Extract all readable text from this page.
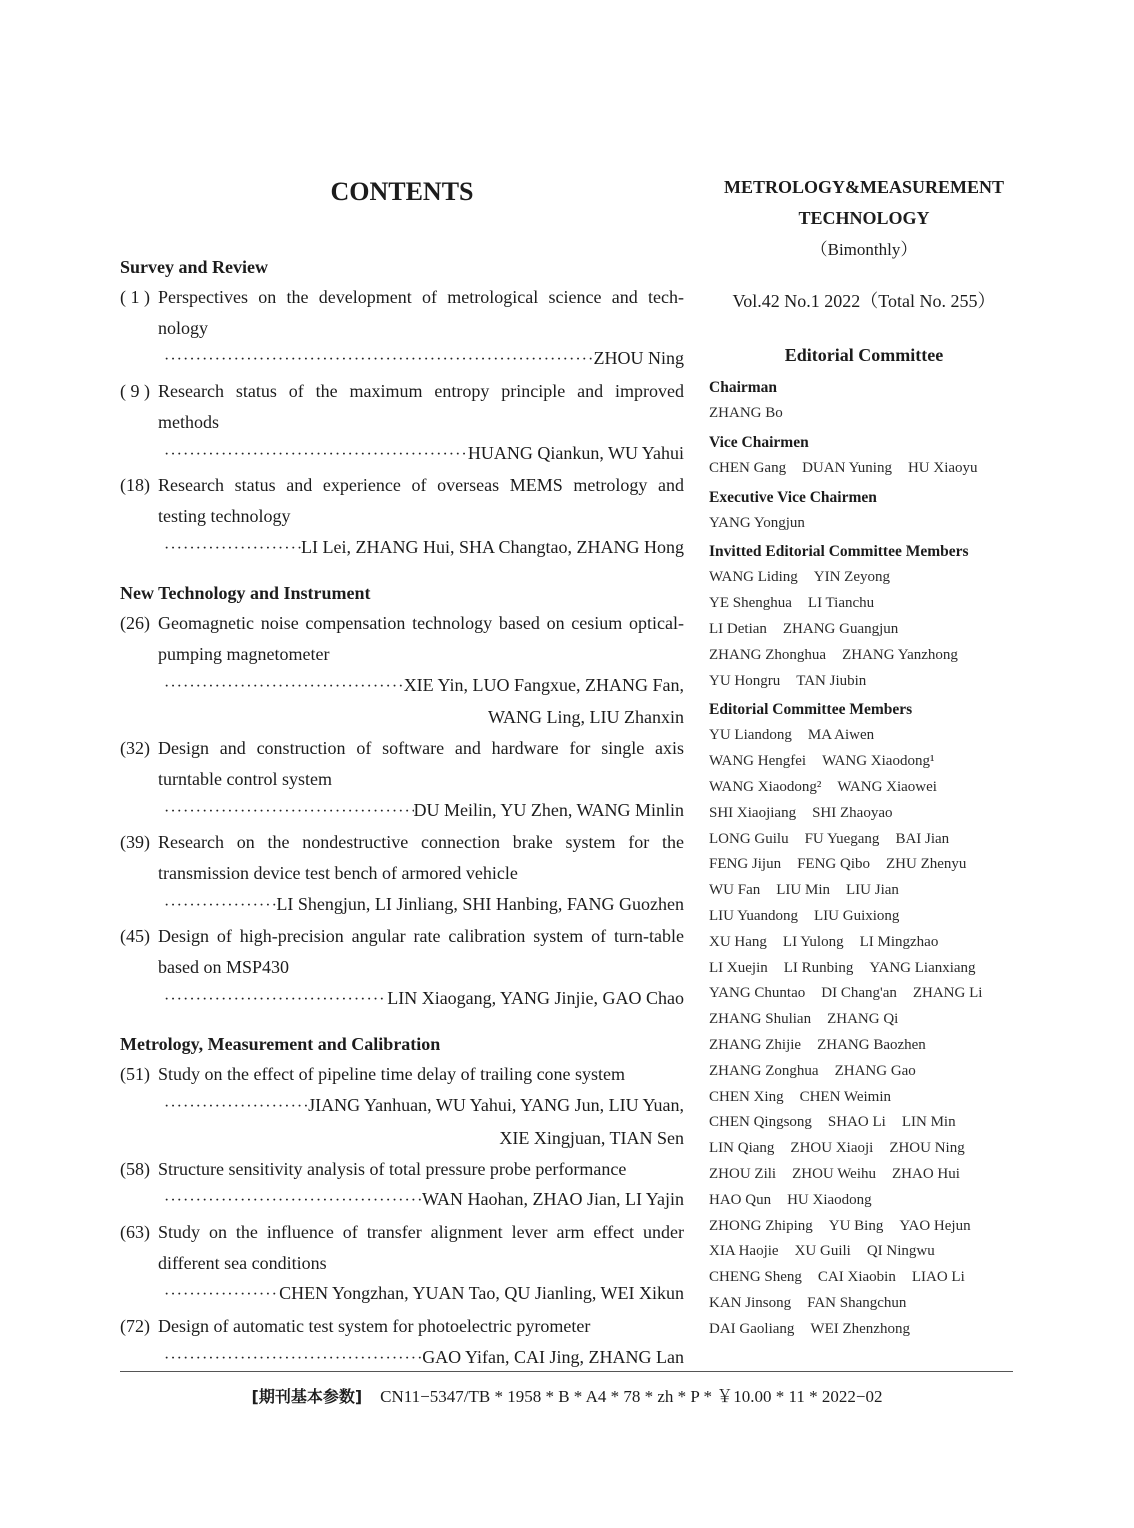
CONTENTS
Survey and Review
( 1 ) Perspectives on the development of metrological science and tech-nology
·····
ZHOU Ning
( 9 ) Research status of the maximum entropy principle and improved methods
·····
HUANG Qiankun, WU Yahui
(18) Research status and experience of overseas MEMS metrology and testing technology
·····
LI Lei, ZHANG Hui, SHA Changtao, ZHANG Hong
New Technology and Instrument
(26) Geomagnetic noise compensation technology based on cesium optical-pumping magnetometer
·····
XIE Yin, LUO Fangxue, ZHANG Fan,
WANG Ling, LIU Zhanxin
(32) Design and construction of software and hardware for single axis turntable control system
·····
DU Meilin, YU Zhen, WANG Minlin
(39) Research on the nondestructive connection brake system for the transmission device test bench of armored vehicle
·····
LI Shengjun, LI Jinliang, SHI Hanbing, FANG Guozhen
(45) Design of high-precision angular rate calibration system of turn-table based on MSP430
·····
LIN Xiaogang, YANG Jinjie, GAO Chao
Metrology, Measurement and Calibration
(51) Study on the effect of pipeline time delay of trailing cone system
·····
JIANG Yanhuan, WU Yahui, YANG Jun, LIU Yuan,
XIE Xingjuan, TIAN Sen
(58) Structure sensitivity analysis of total pressure probe performance
·····
WAN Haohan, ZHAO Jian, LI Yajin
(63) Study on the influence of transfer alignment lever arm effect under different sea conditions
·····
CHEN Yongzhan, YUAN Tao, QU Jianling, WEI Xikun
(72) Design of automatic test system for photoelectric pyrometer
·····
GAO Yifan, CAI Jing, ZHANG Lan
METROLOGY&MEASUREMENT
TECHNOLOGY
（Bimonthly）
Vol.42 No.1 2022（Total No. 255）
Editorial Committee
Chairman
ZHANG Bo
Vice Chairmen
CHEN Gang DUAN Yuning HU Xiaoyu
Executive Vice Chairmen
YANG Yongjun
Invitted Editorial Committee Members
WANG Liding YIN Zeyong
YE Shenghua LI Tianchu
LI Detian ZHANG Guangjun
ZHANG Zhonghua ZHANG Yanzhong
YU Hongru TAN Jiubin
Editorial Committee Members
YU Liandong MA Aiwen
WANG Hengfei WANG Xiaodong¹
WANG Xiaodong² WANG Xiaowei
SHI Xiaojiang SHI Zhaoyao
LONG Guilu FU Yuegang BAI Jian
FENG Jijun FENG Qibo ZHU Zhenyu
WU Fan LIU Min LIU Jian
LIU Yuandong LIU Guixiong
XU Hang LI Yulong LI Mingzhao
LI Xuejin LI Runbing YANG Lianxiang
YANG Chuntao DI Chang'an ZHANG Li
ZHANG Shulian ZHANG Qi
ZHANG Zhijie ZHANG Baozhen
ZHANG Zonghua ZHANG Gao
CHEN Xing CHEN Weimin
CHEN Qingsong SHAO Li LIN Min
LIN Qiang ZHOU Xiaoji ZHOU Ning
ZHOU Zili ZHOU Weihu ZHAO Hui
HAO Qun HU Xiaodong
ZHONG Zhiping YU Bing YAO Hejun
XIA Haojie XU Guili QI Ningwu
CHENG Sheng CAI Xiaobin LIAO Li
KAN Jinsong FAN Shangchun
DAI Gaoliang WEI Zhenzhong
[期刊基本参数] CN11−5347/TB * 1958 * B * A4 * 78 * zh * P * ￥10.00 * 11 * 2022−02
